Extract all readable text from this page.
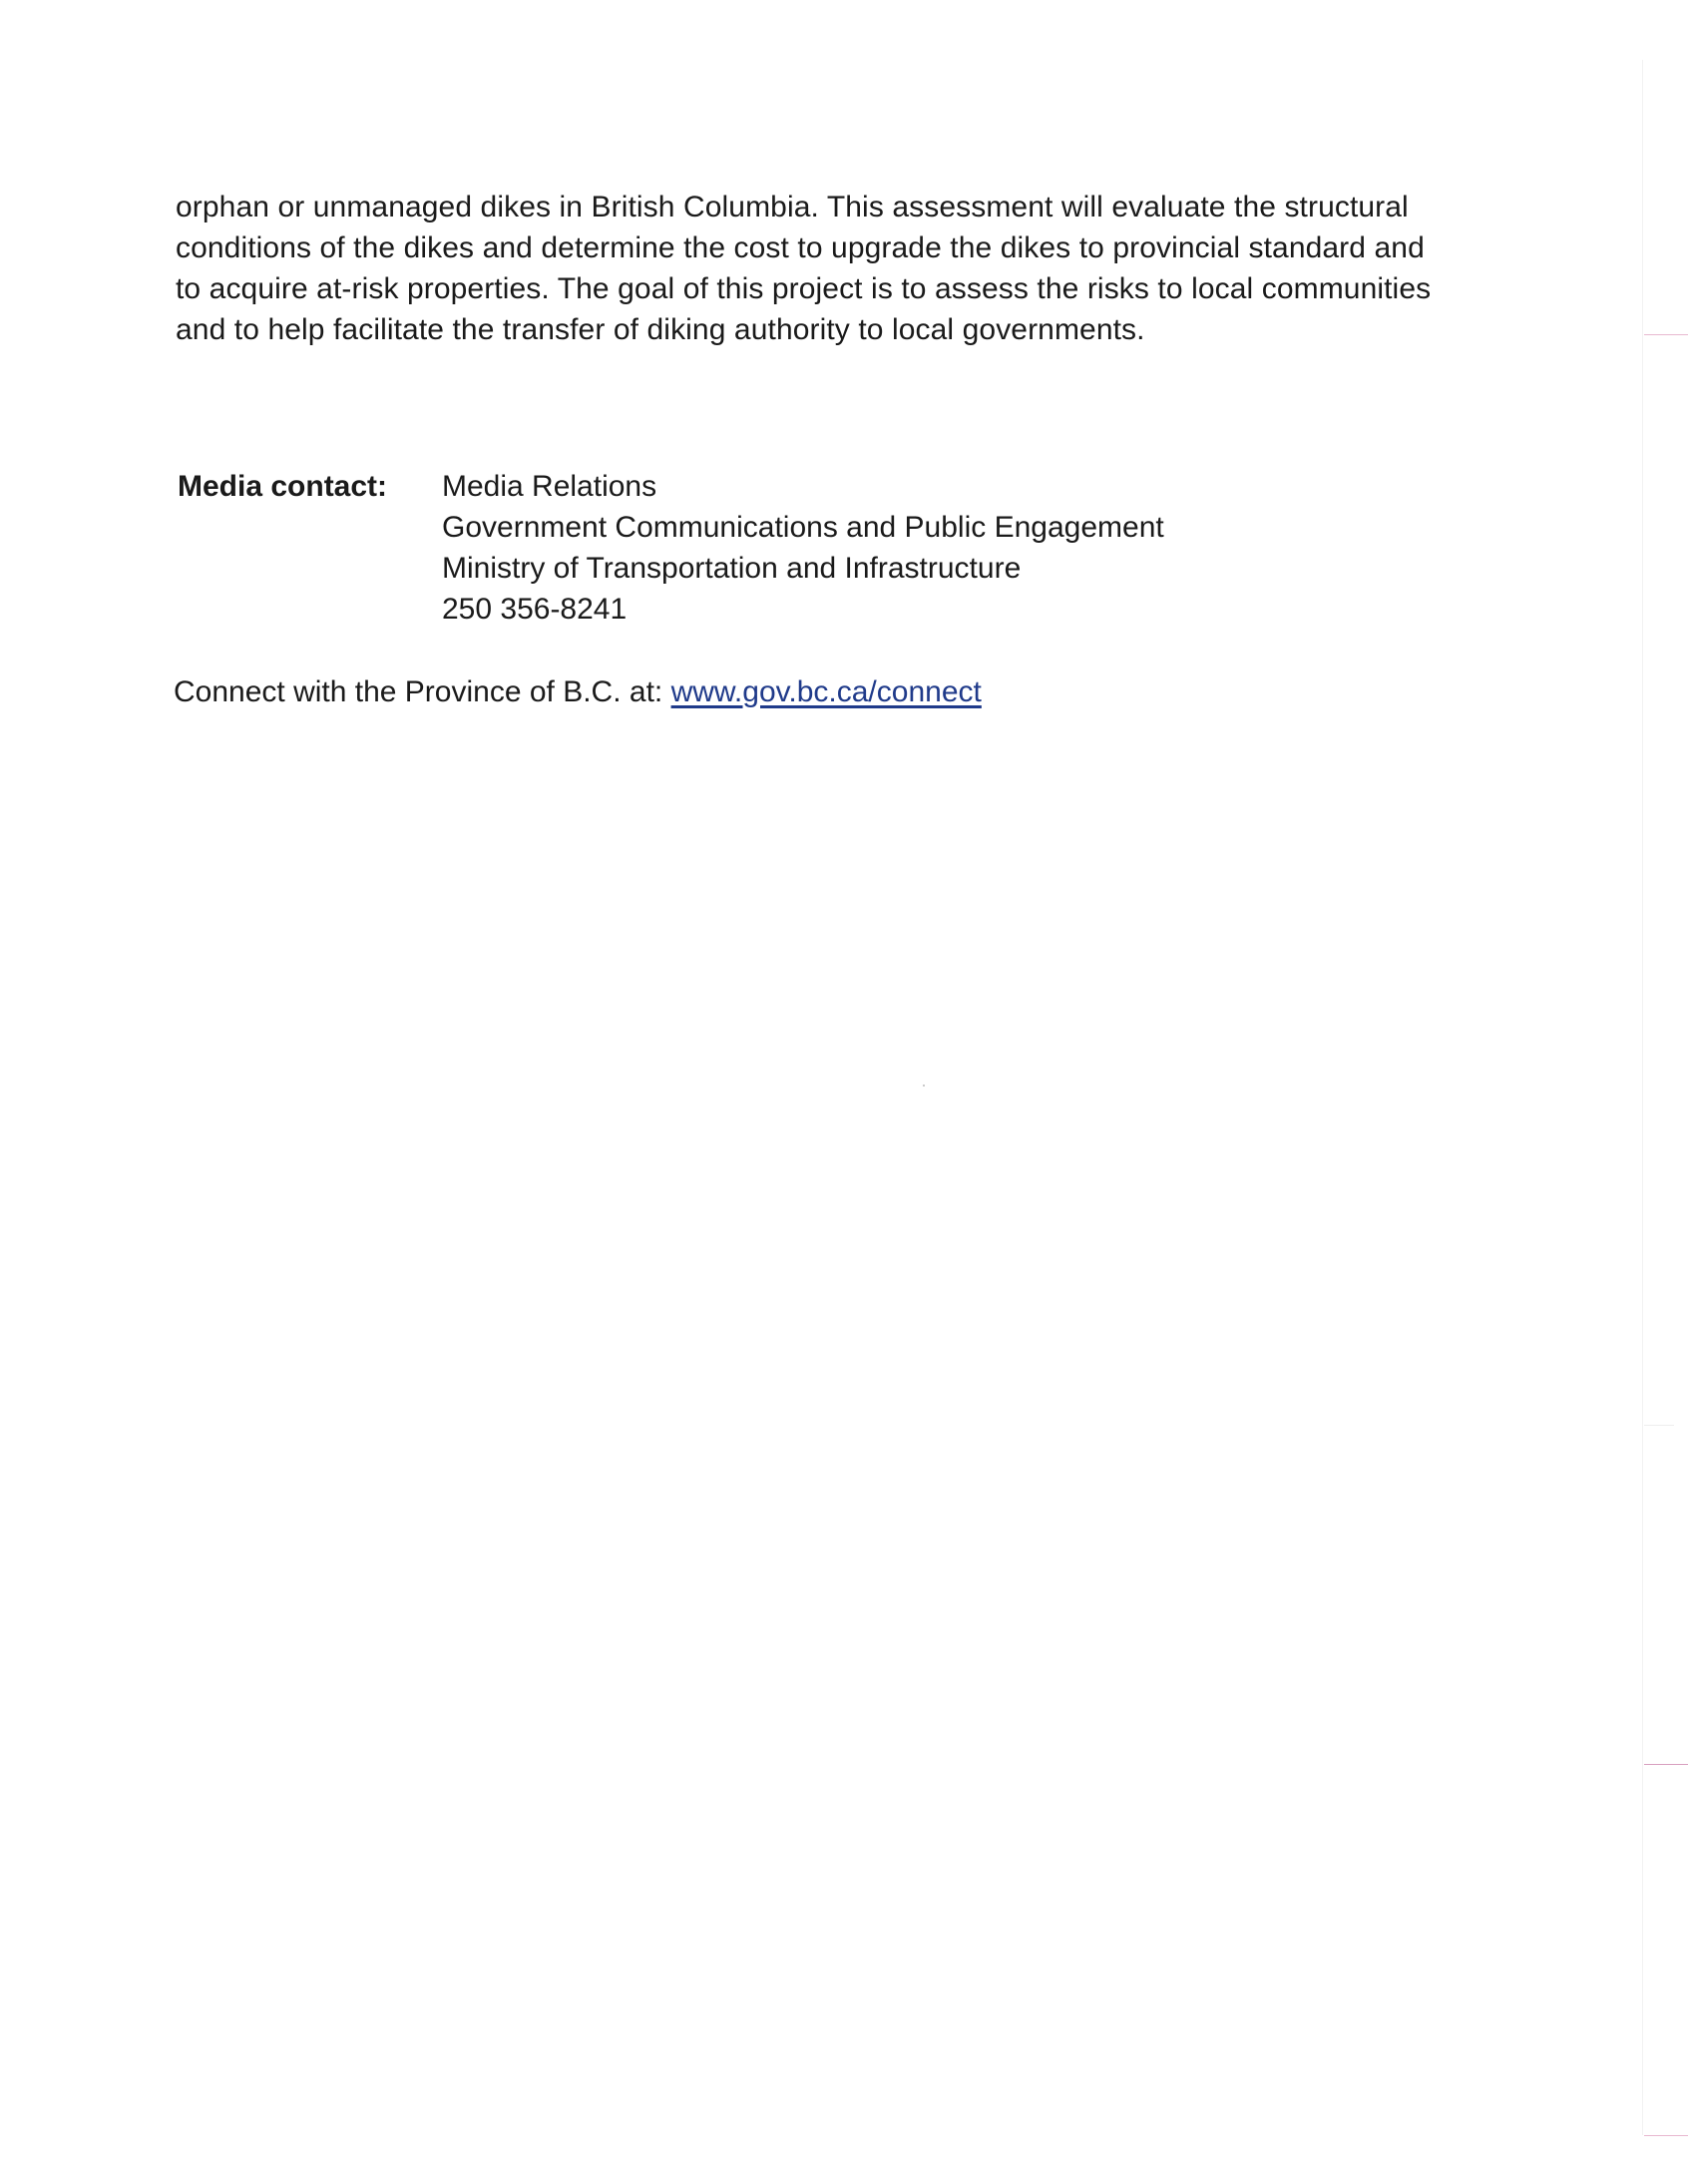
orphan or unmanaged dikes in British Columbia. This assessment will evaluate the structural
conditions of the dikes and determine the cost to upgrade the dikes to provincial standard and
to acquire at-risk properties. The goal of this project is to assess the risks to local communities
and to help facilitate the transfer of diking authority to local governments.
Media contact: Media Relations
Government Communications and Public Engagement
Ministry of Transportation and Infrastructure
250 356-8241
Connect with the Province of B.C. at: www.gov.bc.ca/connect
